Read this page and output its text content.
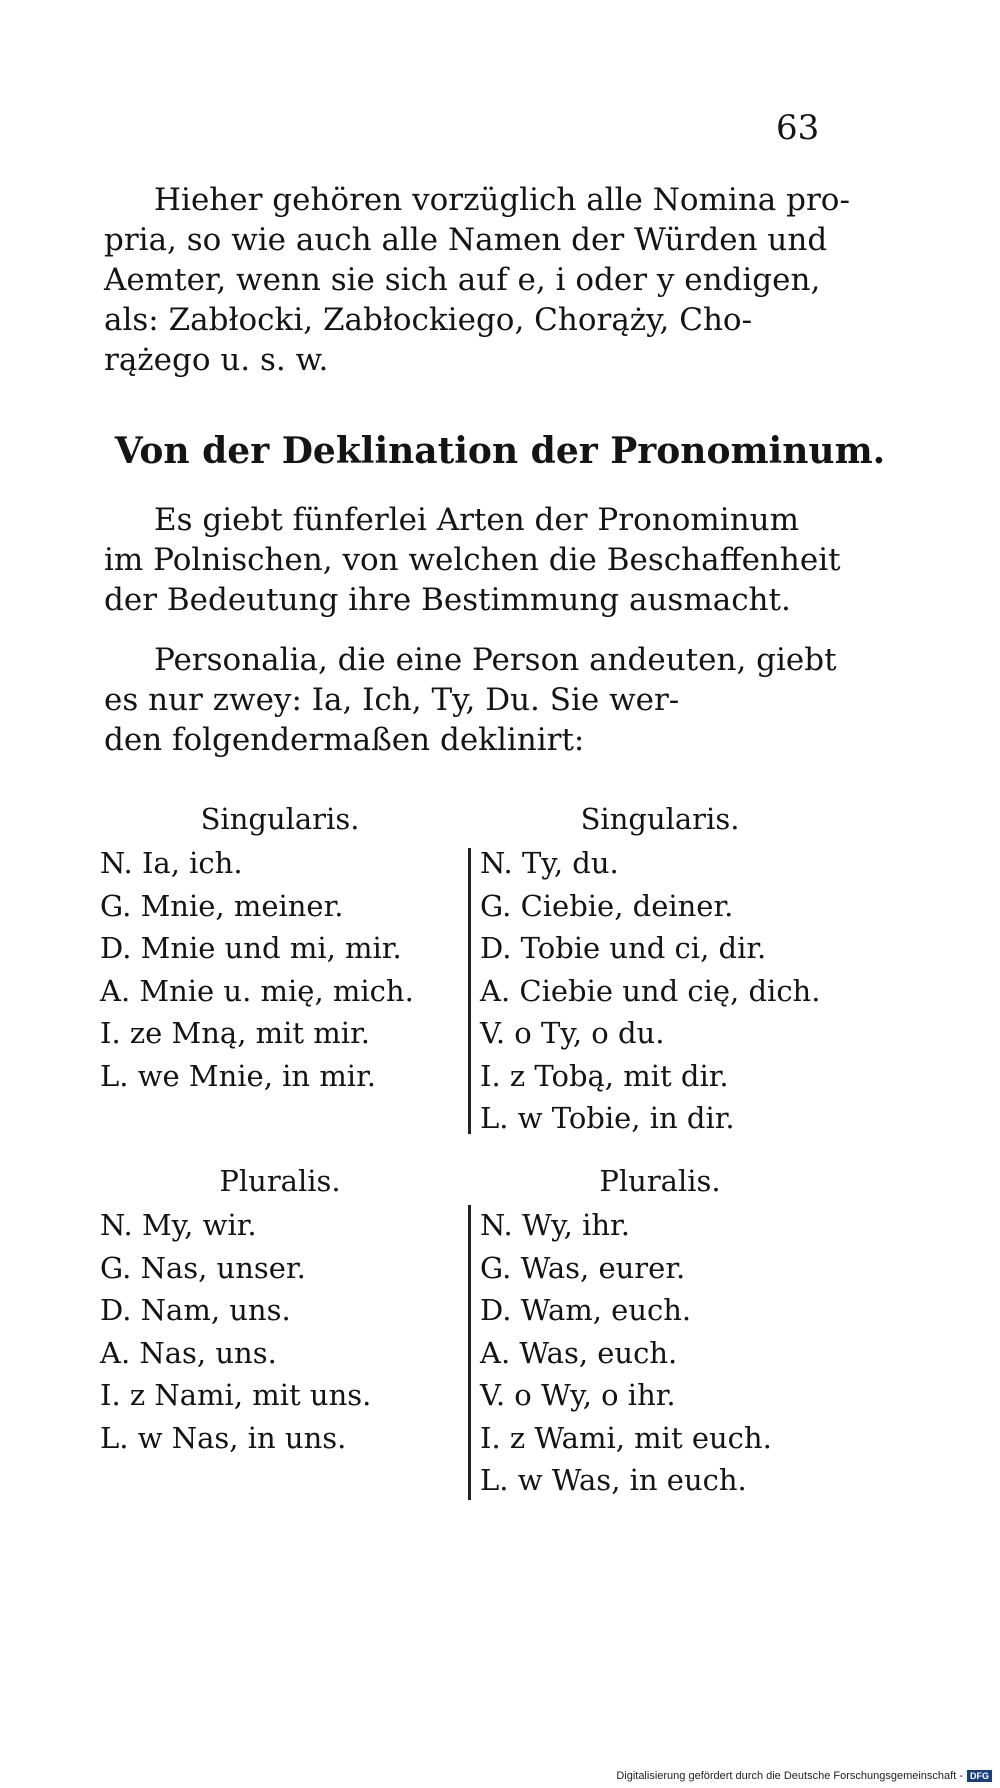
63
Hieher gehören vorzüglich alle Nomina pro-
pria, so wie auch alle Namen der Würden und
Aemter, wenn sie sich auf e, i oder y endigen,
als: Zabłocki, Zabłockiego, Chorąży, Cho-
rążego u. s. w.
Von der Deklination der Pronominum.
Es giebt fünferlei Arten der Pronominum
im Polnischen, von welchen die Beschaffenheit
der Bedeutung ihre Bestimmung ausmacht.
Personalia, die eine Person andeuten, giebt
es nur zwey: Ia, Ich, Ty, Du. Sie wer-
den folgendermaßen deklinirt:
Singularis.
N. Ia, ich.
G. Mnie, meiner.
D. Mnie und mi, mir.
A. Mnie u. mię, mich.
I. ze Mną, mit mir.
L. we Mnie, in mir.
Singularis.
N. Ty, du.
G. Ciebie, deiner.
D. Tobie und ci, dir.
A. Ciebie und cię, dich.
V. o Ty, o du.
I. z Tobą, mit dir.
L. w Tobie, in dir.
Pluralis.
N. My, wir.
G. Nas, unser.
D. Nam, uns.
A. Nas, uns.
I. z Nami, mit uns.
L. w Nas, in uns.
Pluralis.
N. Wy, ihr.
G. Was, eurer.
D. Wam, euch.
A. Was, euch.
V. o Wy, o ihr.
I. z Wami, mit euch.
L. w Was, in euch.
Digitalisierung gefördert durch die Deutsche Forschungsgemeinschaft - DFG
